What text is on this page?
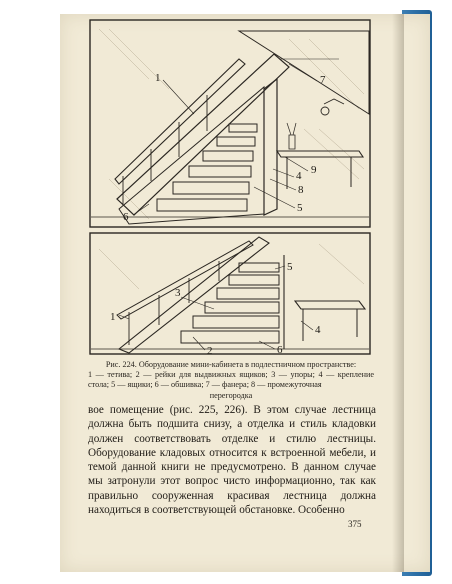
1	7
4 9
8
5
6
5
3
1
4
2	6
Рис. 224. Оборудование мини-кабинета в подлестничном пространстве:
1 — тетива; 2 — рейки для выдвижных ящиков; 3 — упоры; 4 — крепление стола; 5 — ящики; 6 — обшивка; 7 — фанера; 8 — промежуточная
перегородка

вое помещение (рис. 225, 226). В этом случае лестница должна быть подшита снизу, а отделка и стиль кладовки должен соответствовать отделке и стилю лестницы. Оборудование кладовых относится к встроенной мебели, и темой данной книги не предусмотрено. В данном случае мы затронули этот вопрос чисто информационно, так как правильно сооруженная красивая лестница должна находиться в соответствующей обстановке. Особенно

375
